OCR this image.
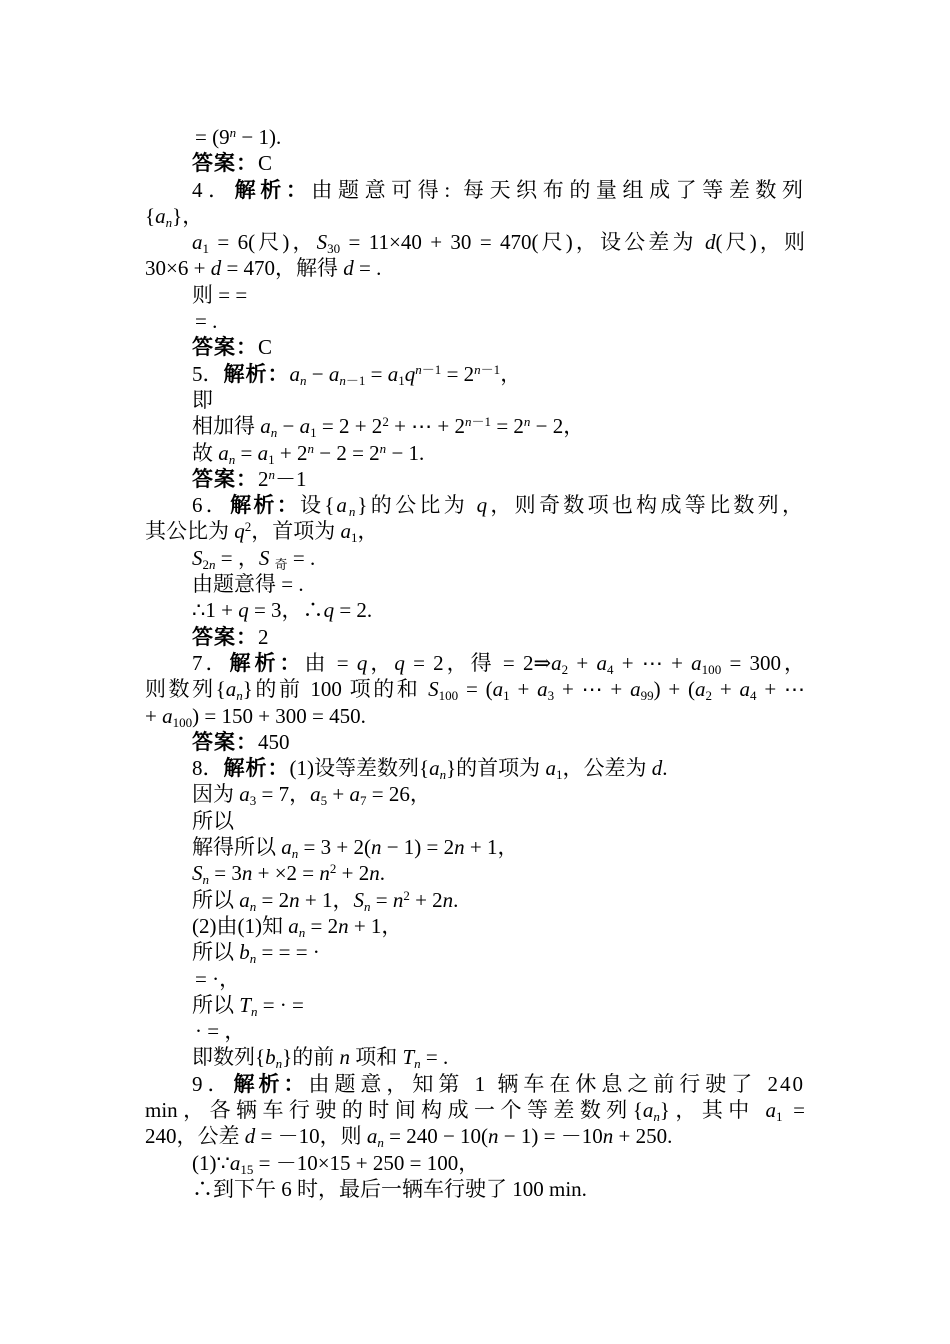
= $(9^n - 1)$.
答案：C
4．解析：由题意可得: 每天织布的量组成了等差数列
$\{a_n\}$，
$a_1 = 6$(尺)，$S_{30} = 11\times 40 + 30 = 470$(尺)，设公差为 d(尺)，则
30×6 + d = 470，解得 d = .
则 = =
= .
答案：C
5．解析：$a_n - a_{n-1} = a_1q^{n-1} = 2^{n-1}$，
即
相加得 $a_n - a_1 = 2 + 2^2$ + ⋯ + $2^{n-1} = 2^n - 2$，
故 $a_n = a_1 + 2^n - 2 = 2^n - 1$.
答案：$2^n-1$
6．解析：设$\{a_n\}$的公比为 q，则奇数项也构成等比数列，
其公比为 $q^2$，首项为 $a_1$，
$S_{2n}$ = ，S $_奇$ = .
由题意得 = .
∴1 + q = 3，∴q = 2.
答案：2
7．解析：由 = q，q = 2，得 = $2\Rightarrow a_2 + a_4$ + ⋯ + $a_{100} = 300$，
则数列$\{a_n\}$的前 100 项的和 $S_{100} = (a_1 + a_3$ + ⋯ + $a_{99}) + (a_2 + a_4$ + ⋯
+ $a_{100}) = 150 + 300 = 450$.
答案：450
8．解析：(1)设等差数列$\{a_n\}$的首项为 $a_1$，公差为 d.
因为 $a_3 = 7$，$a_5 + a_7 = 26$，
所以
解得所以 $a_n = 3 + 2(n - 1) = 2n + 1$，
$S_n = 3n + \times 2 = n^2 + 2n$.
所以 $a_n = 2n + 1$，$S_n = n^2 + 2n$.
(2)由(1)知 $a_n = 2n + 1$，
所以 $b_n$ = = = ·
= ·，
所以 $T_n$ = · =
· = ，
即数列$\{b_n\}$的前 n 项和 $T_n$ = .
9．解析：由题意，知第 1 辆车在休息之前行驶了 240
min，各辆车行驶的时间构成一个等差数列$\{a_n\}$，其中 $a_1$ =
240，公差 d = －10，则 $a_n = 240 - 10(n - 1) = -10n + 250$.
$(1)\because a_{15} = -10\times 15 + 250 = 100$，
∴到下午 6 时，最后一辆车行驶了 100 min.
